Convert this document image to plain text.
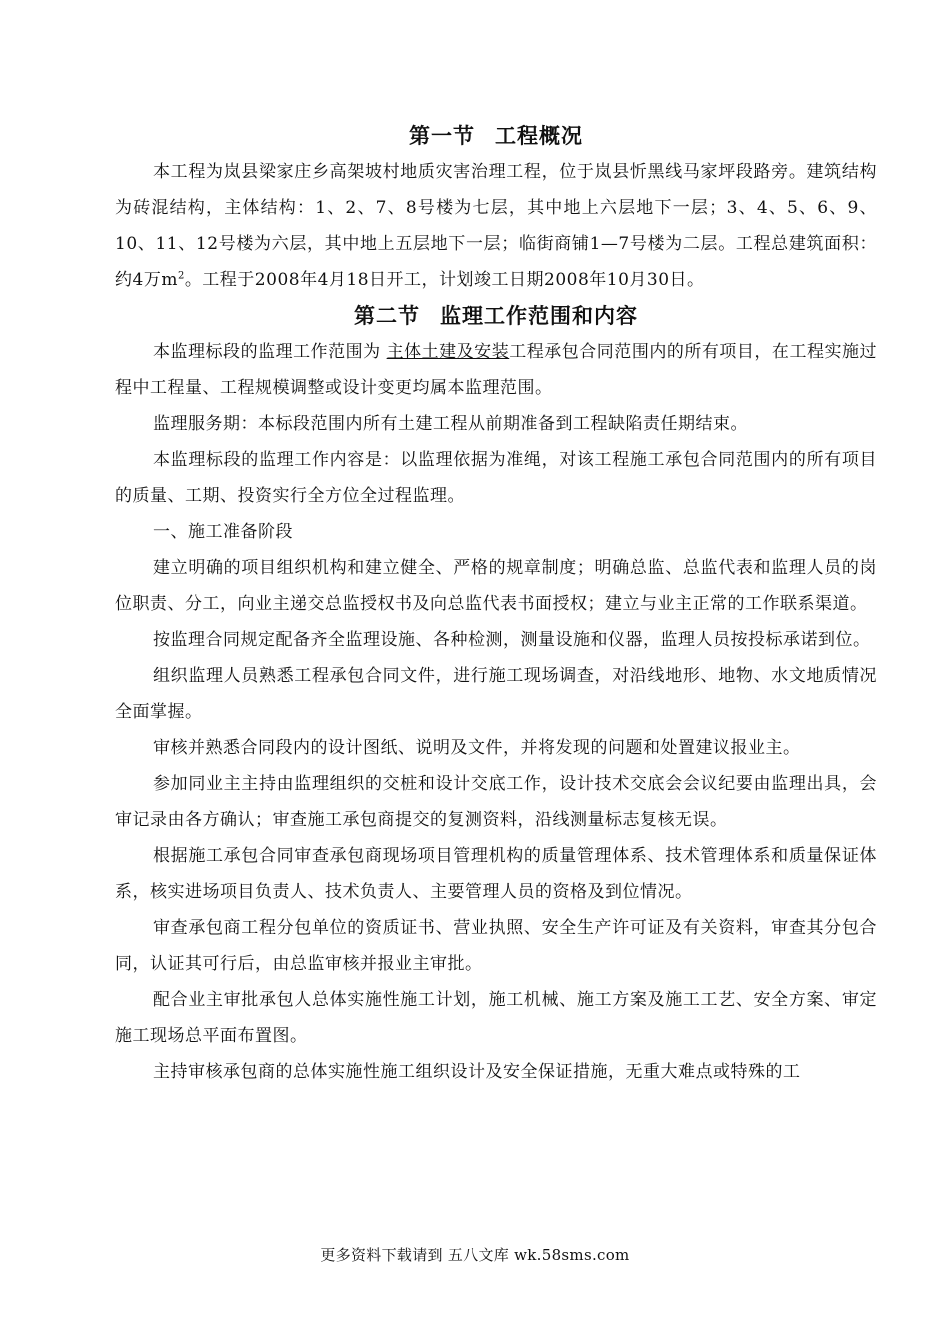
第一节 工程概况

本工程为岚县梁家庄乡高架坡村地质灾害治理工程，位于岚县忻黑线马家坪段路旁。建筑结构为砖混结构，主体结构：1、2、7、8号楼为七层，其中地上六层地下一层；3、4、5、6、9、10、11、12号楼为六层，其中地上五层地下一层；临街商铺1—7号楼为二层。工程总建筑面积：约4万$m^2$。工程于2008年4月18日开工，计划竣工日期2008年10月30日。

第二节 监理工作范围和内容

本监理标段的监理工作范围为 主体土建及安装工程承包合同范围内的所有项目，在工程实施过程中工程量、工程规模调整或设计变更均属本监理范围。

监理服务期：本标段范围内所有土建工程从前期准备到工程缺陷责任期结束。

本监理标段的监理工作内容是：以监理依据为准绳，对该工程施工承包合同范围内的所有项目的质量、工期、投资实行全方位全过程监理。

一、施工准备阶段

建立明确的项目组织机构和建立健全、严格的规章制度；明确总监、总监代表和监理人员的岗位职责、分工，向业主递交总监授权书及向总监代表书面授权；建立与业主正常的工作联系渠道。

按监理合同规定配备齐全监理设施、各种检测，测量设施和仪器，监理人员按投标承诺到位。

组织监理人员熟悉工程承包合同文件，进行施工现场调查，对沿线地形、地物、水文地质情况全面掌握。

审核并熟悉合同段内的设计图纸、说明及文件，并将发现的问题和处置建议报业主。

参加同业主主持由监理组织的交桩和设计交底工作，设计技术交底会会议纪要由监理出具，会审记录由各方确认；审查施工承包商提交的复测资料，沿线测量标志复核无误。

根据施工承包合同审查承包商现场项目管理机构的质量管理体系、技术管理体系和质量保证体系，核实进场项目负责人、技术负责人、主要管理人员的资格及到位情况。

审查承包商工程分包单位的资质证书、营业执照、安全生产许可证及有关资料，审查其分包合同，认证其可行后，由总监审核并报业主审批。

配合业主审批承包人总体实施性施工计划，施工机械、施工方案及施工工艺、安全方案、审定施工现场总平面布置图。

主持审核承包商的总体实施性施工组织设计及安全保证措施，无重大难点或特殊的工

更多资料下载请到 五八文库 wk.58sms.com
